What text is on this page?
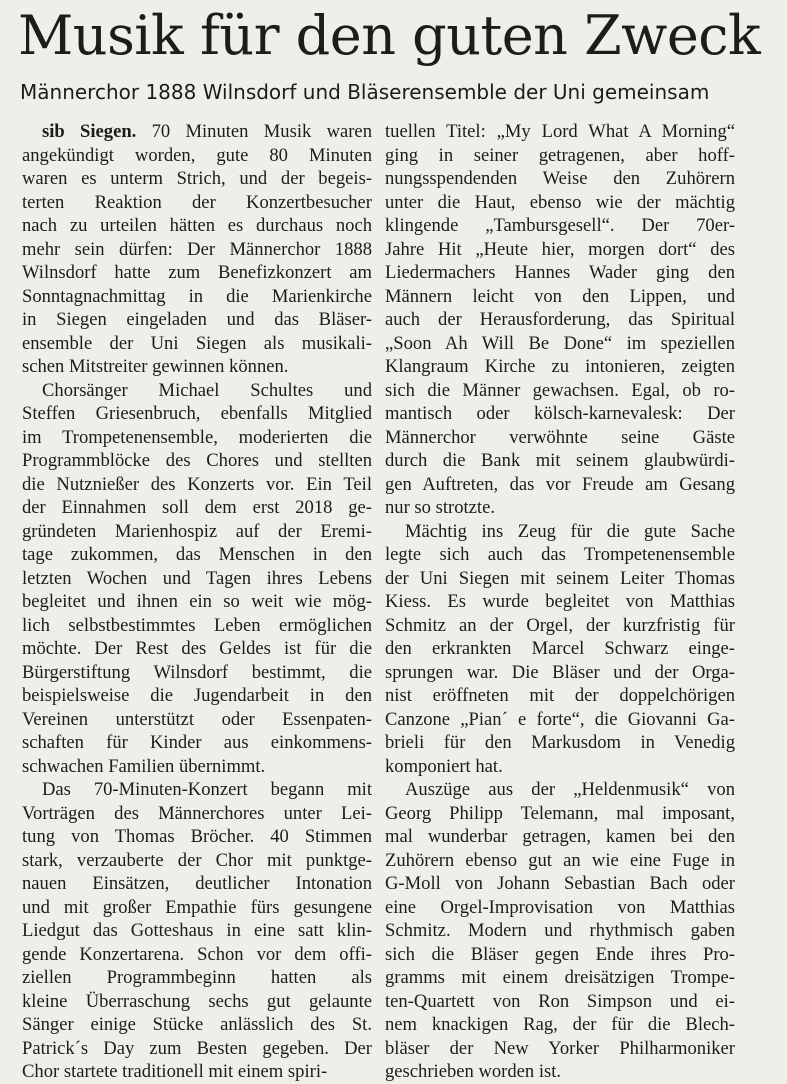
Musik für den guten Zweck
Männerchor 1888 Wilnsdorf und Bläserensemble der Uni gemeinsam
sib Siegen. 70 Minuten Musik waren
angekündigt worden, gute 80 Minuten
waren es unterm Strich, und der begeis-
terten Reaktion der Konzertbesucher
nach zu urteilen hätten es durchaus noch
mehr sein dürfen: Der Männerchor 1888
Wilnsdorf hatte zum Benefizkonzert am
Sonntagnachmittag in die Marienkirche
in Siegen eingeladen und das Bläser-
ensemble der Uni Siegen als musikali-
schen Mitstreiter gewinnen können.
Chorsänger Michael Schultes und
Steffen Griesenbruch, ebenfalls Mitglied
im Trompetenensemble, moderierten die
Programmblöcke des Chores und stellten
die Nutznießer des Konzerts vor. Ein Teil
der Einnahmen soll dem erst 2018 ge-
gründeten Marienhospiz auf der Eremi-
tage zukommen, das Menschen in den
letzten Wochen und Tagen ihres Lebens
begleitet und ihnen ein so weit wie mög-
lich selbstbestimmtes Leben ermöglichen
möchte. Der Rest des Geldes ist für die
Bürgerstiftung Wilnsdorf bestimmt, die
beispielsweise die Jugendarbeit in den
Vereinen unterstützt oder Essenpaten-
schaften für Kinder aus einkommens-
schwachen Familien übernimmt.
Das 70-Minuten-Konzert begann mit
Vorträgen des Männerchores unter Lei-
tung von Thomas Bröcher. 40 Stimmen
stark, verzauberte der Chor mit punktge-
nauen Einsätzen, deutlicher Intonation
und mit großer Empathie fürs gesungene
Liedgut das Gotteshaus in eine satt klin-
gende Konzertarena. Schon vor dem offi-
ziellen Programmbeginn hatten als
kleine Überraschung sechs gut gelaunte
Sänger einige Stücke anlässlich des St.
Patrick´s Day zum Besten gegeben. Der
Chor startete traditionell mit einem spiri-
tuellen Titel: „My Lord What A Morning“
ging in seiner getragenen, aber hoff-
nungsspendenden Weise den Zuhörern
unter die Haut, ebenso wie der mächtig
klingende „Tambursgesell“. Der 70er-
Jahre Hit „Heute hier, morgen dort“ des
Liedermachers Hannes Wader ging den
Männern leicht von den Lippen, und
auch der Herausforderung, das Spiritual
„Soon Ah Will Be Done“ im speziellen
Klangraum Kirche zu intonieren, zeigten
sich die Männer gewachsen. Egal, ob ro-
mantisch oder kölsch-karnevalesk: Der
Männerchor verwöhnte seine Gäste
durch die Bank mit seinem glaubwürdi-
gen Auftreten, das vor Freude am Gesang
nur so strotzte.
Mächtig ins Zeug für die gute Sache
legte sich auch das Trompetenensemble
der Uni Siegen mit seinem Leiter Thomas
Kiess. Es wurde begleitet von Matthias
Schmitz an der Orgel, der kurzfristig für
den erkrankten Marcel Schwarz einge-
sprungen war. Die Bläser und der Orga-
nist eröffneten mit der doppelchörigen
Canzone „Pian´ e forte“, die Giovanni Ga-
brieli für den Markusdom in Venedig
komponiert hat.
Auszüge aus der „Heldenmusik“ von
Georg Philipp Telemann, mal imposant,
mal wunderbar getragen, kamen bei den
Zuhörern ebenso gut an wie eine Fuge in
G-Moll von Johann Sebastian Bach oder
eine Orgel-Improvisation von Matthias
Schmitz. Modern und rhythmisch gaben
sich die Bläser gegen Ende ihres Pro-
gramms mit einem dreisätzigen Trompe-
ten-Quartett von Ron Simpson und ei-
nem knackigen Rag, der für die Blech-
bläser der New Yorker Philharmoniker
geschrieben worden ist.
